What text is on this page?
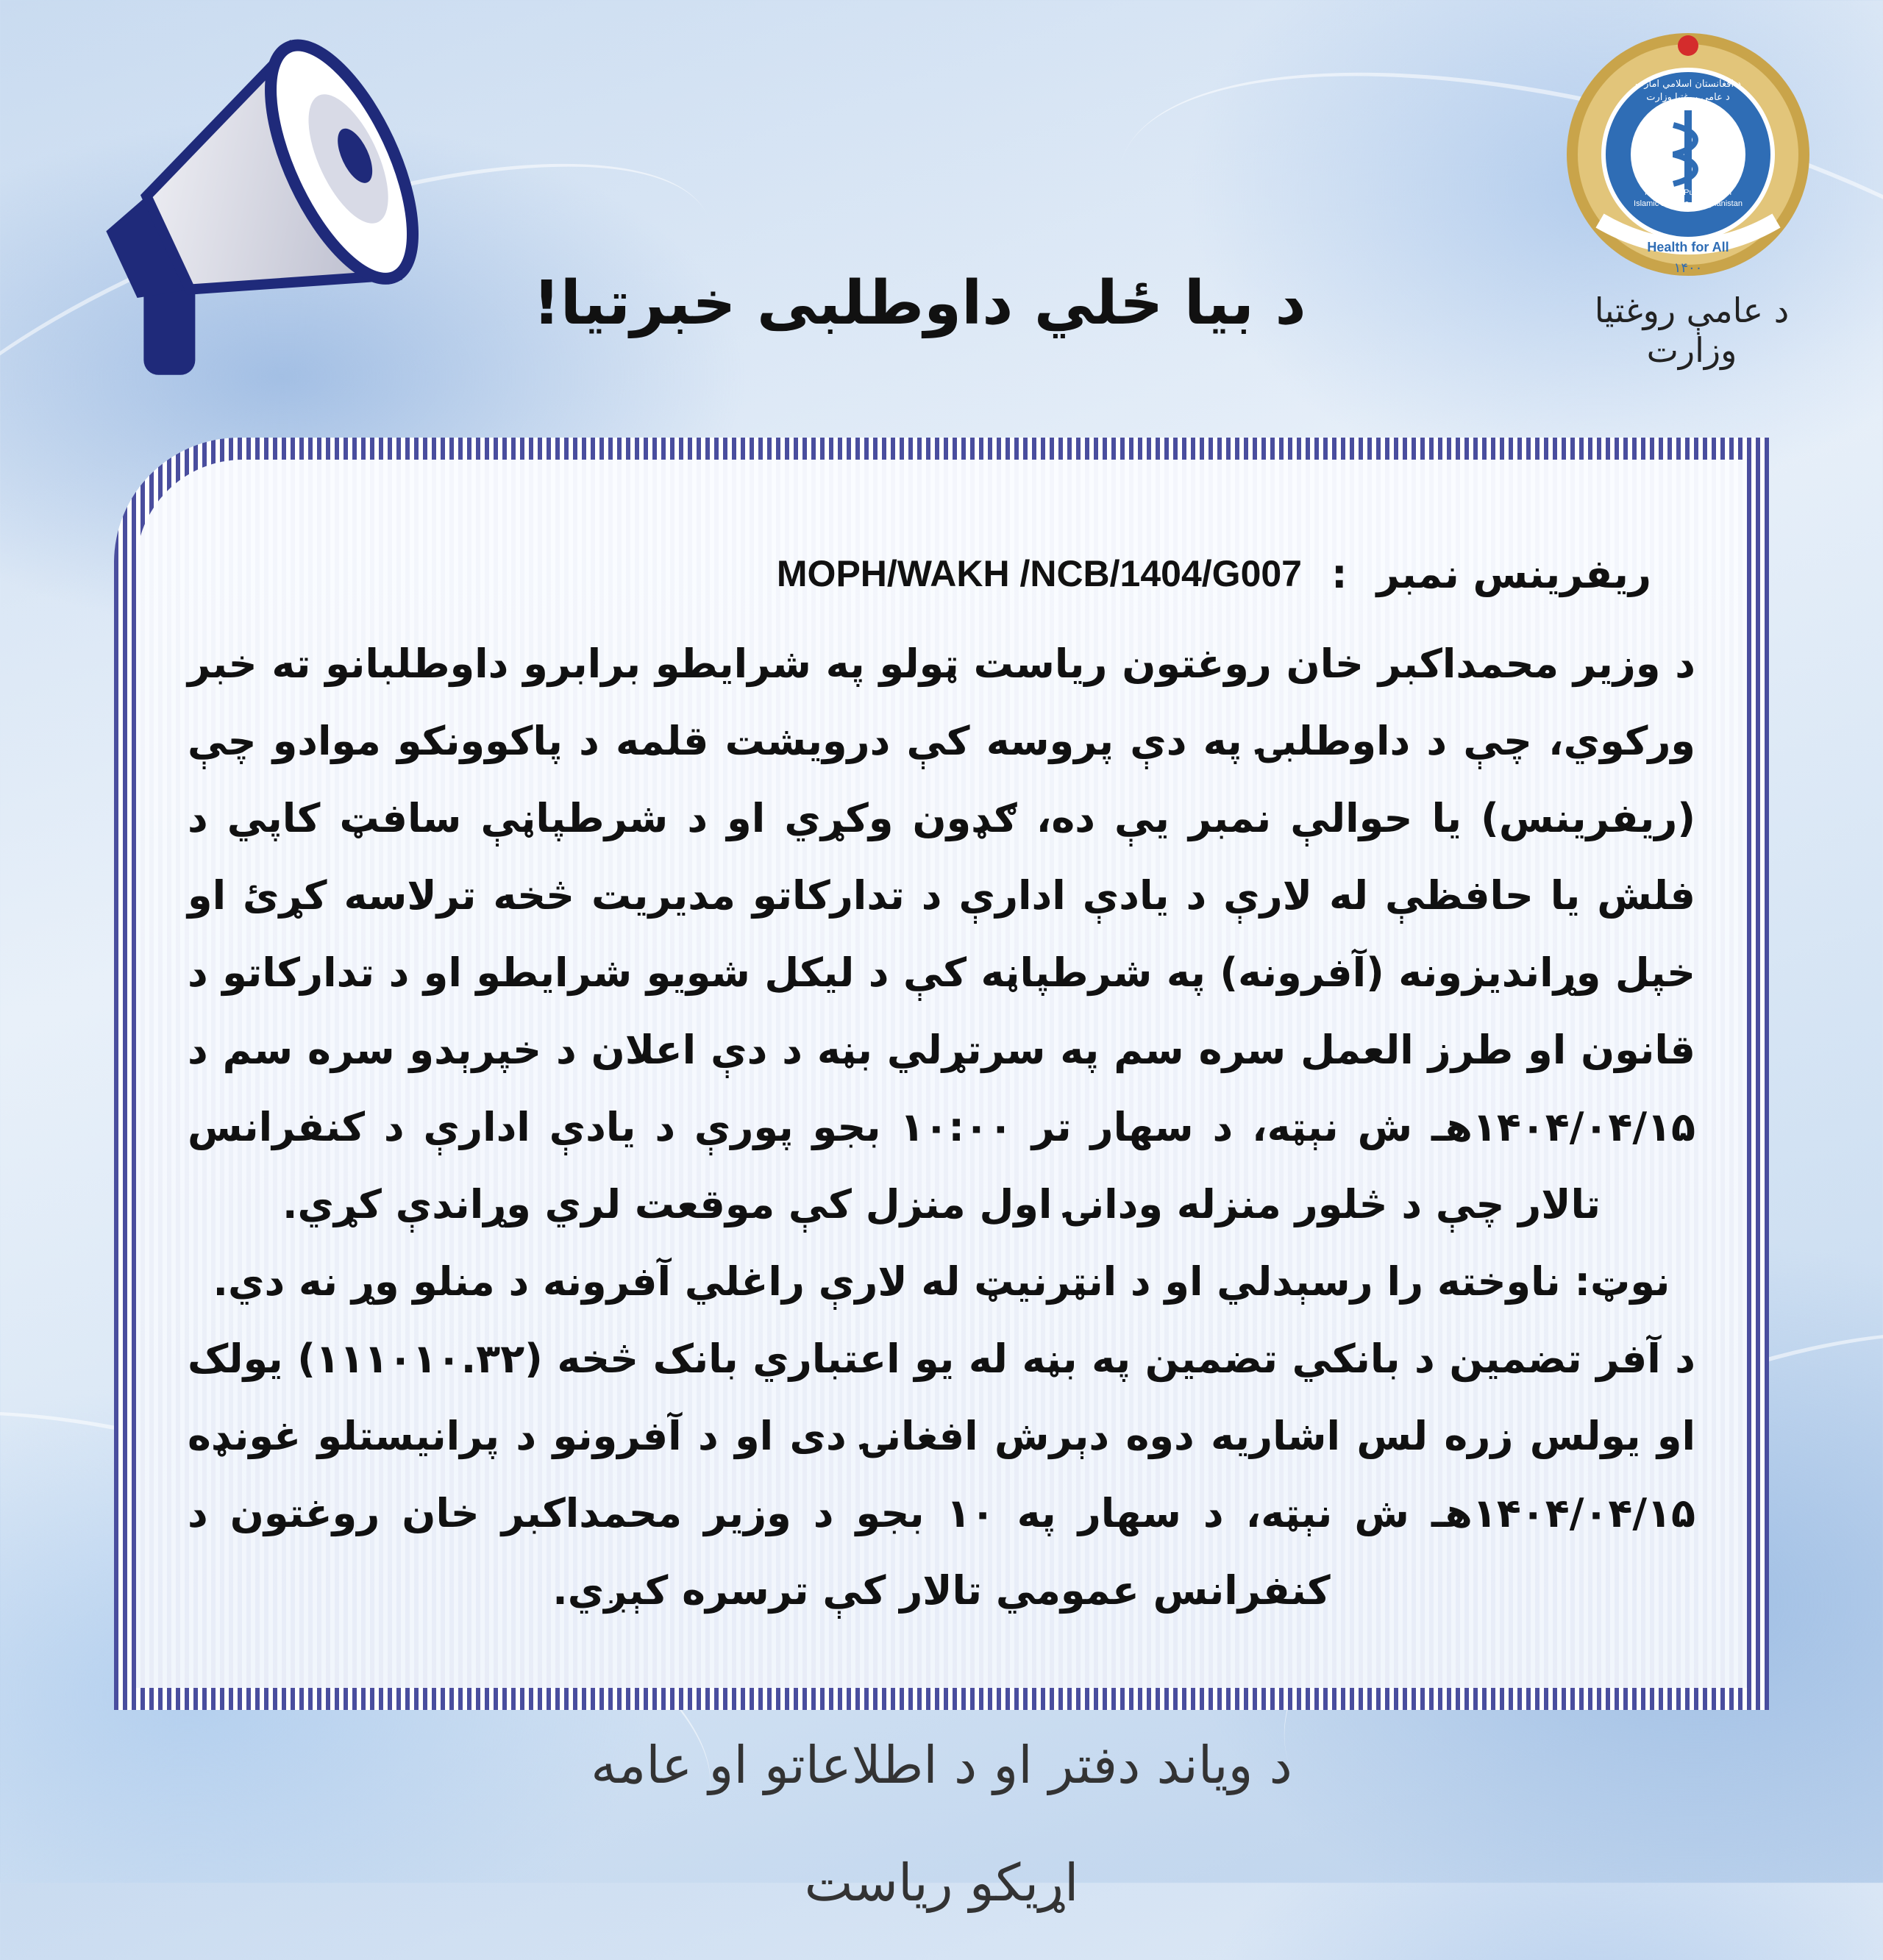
Health for All
۱۴۰۰
Ministry of Public Health
Islamic Emirate of Afghanistan
د افغانستان اسلامي امارت
د عامې روغتیا وزارت
د عامې روغتیا وزارت
د بیا ځلي داوطلبی خبرتیا!
ریفرینس نمبر
:
MOPH/WAKH /NCB/1404/G007

د وزیر محمداکبر خان روغتون ریاست ټولو په شرایطو برابرو داوطلبانو ته خبر ورکوي، چې د داوطلبۍ په دې پروسه کې درویشت قلمه د پاکوونکو موادو چې (ریفرینس) یا حوالې نمبر یې ده، ګډون وکړي او د شرطپاڼې سافټ کاپي د فلش یا حافظې له لارې د یادې ادارې د تدارکاتو مدیریت څخه ترلاسه کړئ او خپل وړاندیزونه (آفرونه) په شرطپاڼه کې د لیکل شویو شرایطو او د تدارکاتو د قانون او طرز العمل سره سم په سرتړلي بڼه د دې اعلان د خپرېدو سره سم د ۱۴۰۴/۰۴/۱۵هـ ش نېټه، د سهار تر ۱۰:۰۰ بجو پورې د یادې ادارې د کنفرانس تالار چې د څلور منزله ودانۍ اول منزل کې موقعت لري وړاندې کړي.

نوټ: ناوخته را رسېدلي او د انټرنیټ له لارې راغلي آفرونه د منلو وړ نه دي.

د آفر تضمین د بانکي تضمین په بڼه له یو اعتباري بانک څخه (۱۱۱۰۱۰.۳۲) یولک او یولس زره لس اشاریه دوه دېرش افغانۍ دی او د آفرونو د پرانیستلو غونډه ۱۴۰۴/۰۴/۱۵هـ ش نېټه، د سهار په ۱۰ بجو د وزیر محمداکبر خان روغتون د کنفرانس عمومي تالار کې ترسره کېږي.

د ویاند دفتر او د اطلاعاتو او عامه اړیکو ریاست
